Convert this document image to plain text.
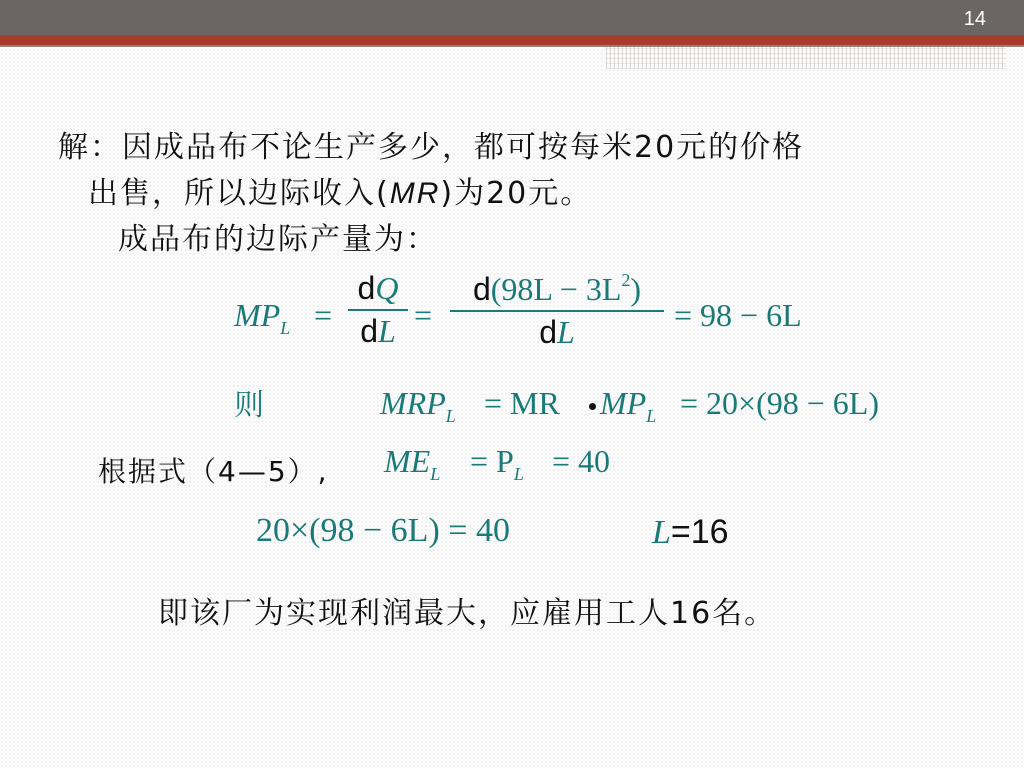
14
解：因成品布不论生产多少，都可按每米20元的价格
出售，所以边际收入(MR)为20元。
成品布的边际产量为：
$MP_L$ =
dQ
dL =
$d(98L - 3L^2)$
dL	= 98 − 6L
则	$MRP_L$ = MR $MP_L = 20\times(98 - 6L)$
根据式（4—5）, $ME_L = P_L = 40$
20×(98 − 6L) = 40	L=16
即该厂为实现利润最大，应雇用工人16名。
